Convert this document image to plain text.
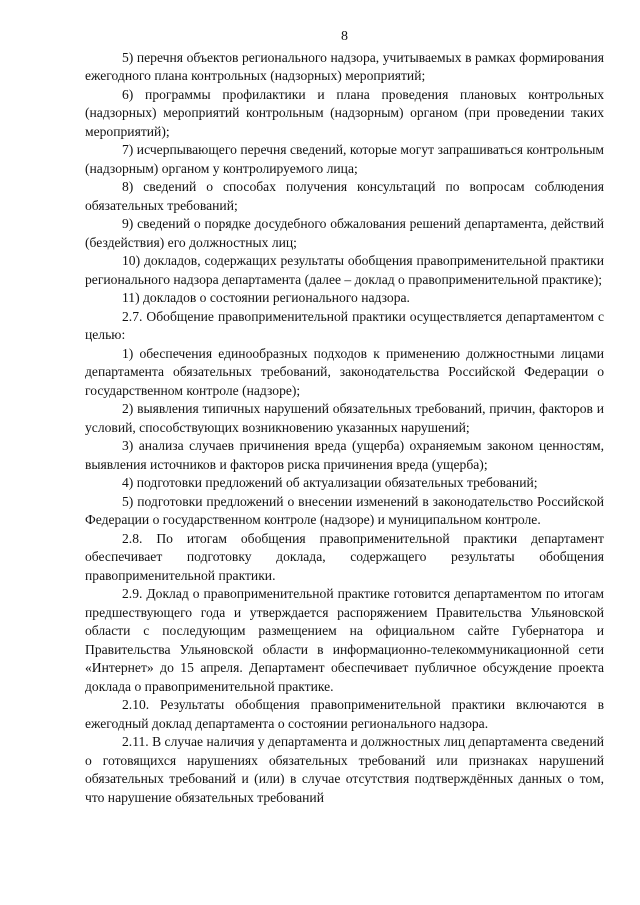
8

5) перечня объектов регионального надзора, учитываемых в рамках формирования ежегодного плана контрольных (надзорных) мероприятий;

6) программы профилактики и плана проведения плановых контрольных (надзорных) мероприятий контрольным (надзорным) органом (при проведении таких мероприятий);

7) исчерпывающего перечня сведений, которые могут запрашиваться контрольным (надзорным) органом у контролируемого лица;

8) сведений о способах получения консультаций по вопросам соблюдения обязательных требований;

9) сведений о порядке досудебного обжалования решений департамента, действий (бездействия) его должностных лиц;

10) докладов, содержащих результаты обобщения правоприменительной практики регионального надзора департамента (далее – доклад о правоприменительной практике);

11) докладов о состоянии регионального надзора.

2.7. Обобщение правоприменительной практики осуществляется департаментом с целью:

1) обеспечения единообразных подходов к применению должностными лицами департамента обязательных требований, законодательства Российской Федерации о государственном контроле (надзоре);

2) выявления типичных нарушений обязательных требований, причин, факторов и условий, способствующих возникновению указанных нарушений;

3) анализа случаев причинения вреда (ущерба) охраняемым законом ценностям, выявления источников и факторов риска причинения вреда (ущерба);

4) подготовки предложений об актуализации обязательных требований;

5) подготовки предложений о внесении изменений в законодательство Российской Федерации о государственном контроле (надзоре) и муниципальном контроле.

2.8. По итогам обобщения правоприменительной практики департамент обеспечивает подготовку доклада, содержащего результаты обобщения правоприменительной практики.

2.9. Доклад о правоприменительной практике готовится департаментом по итогам предшествующего года и утверждается распоряжением Правительства Ульяновской области с последующим размещением на официальном сайте Губернатора и Правительства Ульяновской области в информационно-телекоммуникационной сети «Интернет» до 15 апреля. Департамент обеспечивает публичное обсуждение проекта доклада о правоприменительной практике.

2.10. Результаты обобщения правоприменительной практики включаются в ежегодный доклад департамента о состоянии регионального надзора.

2.11. В случае наличия у департамента и должностных лиц департамента сведений о готовящихся нарушениях обязательных требований или признаках нарушений обязательных требований и (или) в случае отсутствия подтверждённых данных о том, что нарушение обязательных требований
